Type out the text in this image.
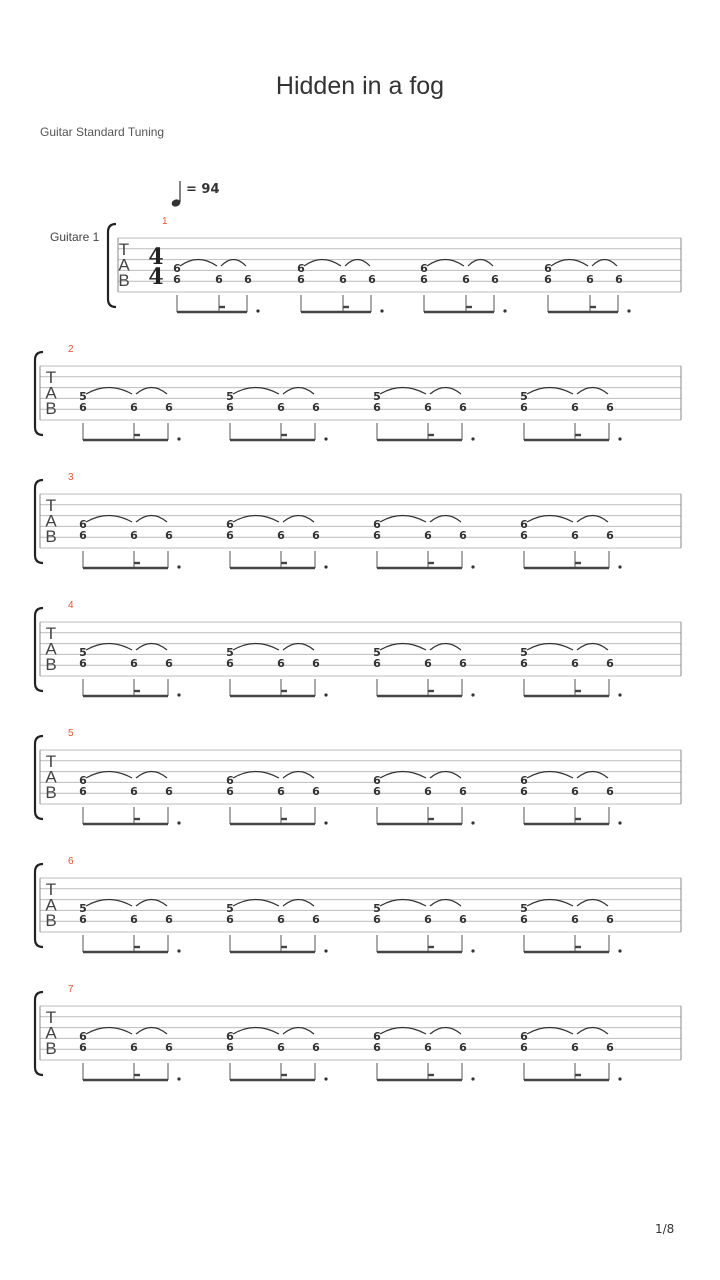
Hidden in a fog
Guitar Standard Tuning
= 94
Guitare 1
1
T
A
B
4
4 6
6	6 6
6
6	6 6
6
6	6 6
6
6	6 6
2
T
A
B
5
6	6 6
5
6	6 6
5
6	6 6
5
6	6 6
3
T
A
B
6
6	6 6
6
6	6 6
6
6	6 6
6
6	6 6
4
T
A
B
5
6	6 6
5
6	6 6
5
6	6 6
5
6	6 6
5
T
A
B
6
6	6 6
6
6	6 6
6
6	6 6
6
6	6 6
6
T
A
B
5
6	6 6
5
6	6 6
5
6	6 6
5
6	6 6
7
T
A
B
6
6	6 6
6
6	6 6
6
6	6 6
6
6	6 6
1/8
